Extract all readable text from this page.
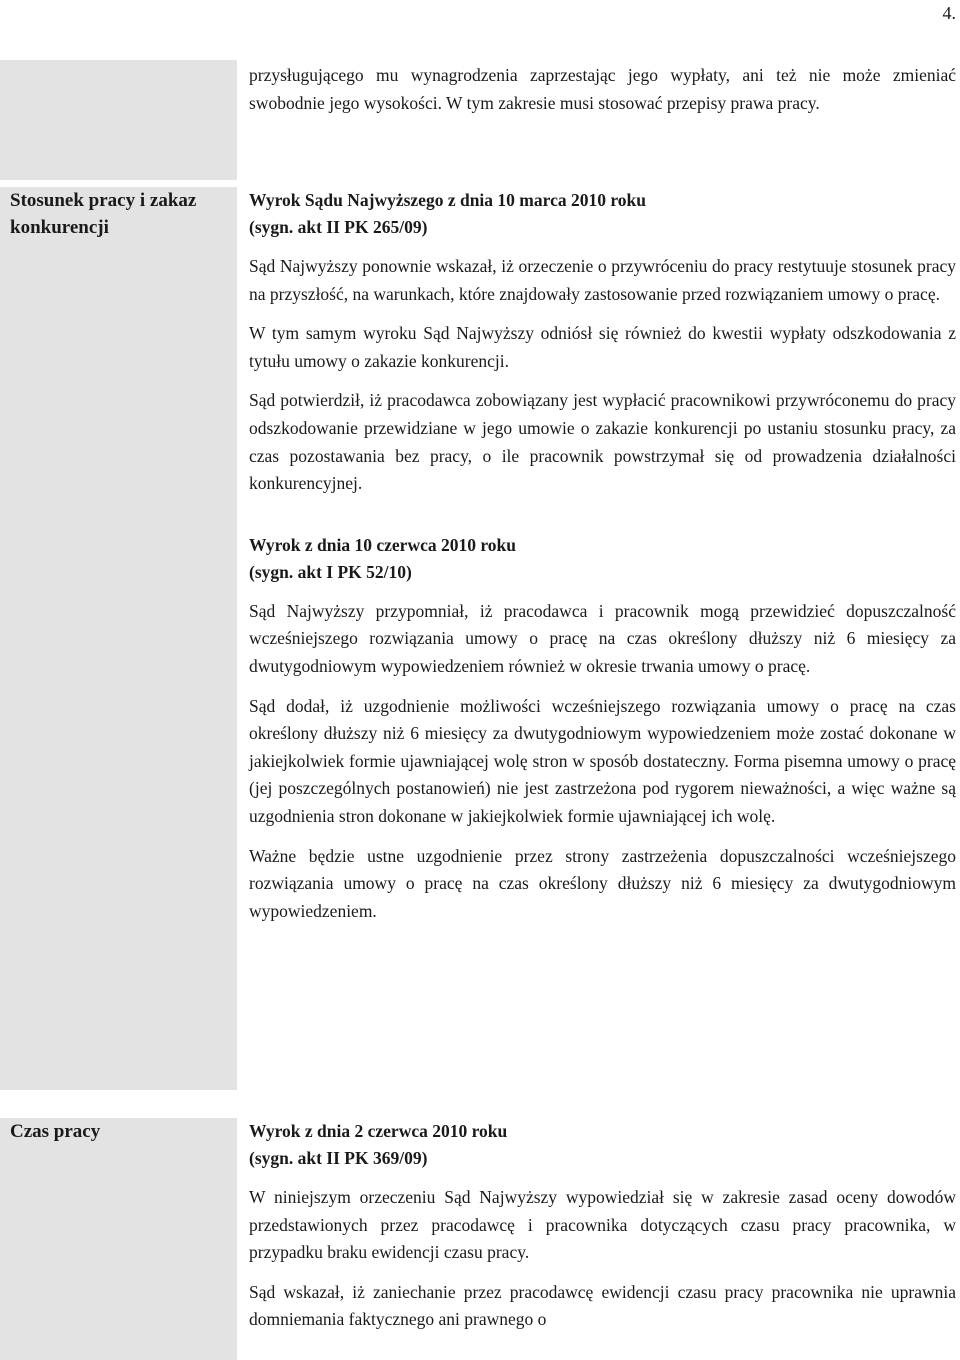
4.

przysługującego mu wynagrodzenia zaprzestając jego wypłaty, ani też nie może zmieniać swobodnie jego wysokości. W tym zakresie musi stosować przepisy prawa pracy.

Stosunek pracy i zakaz konkurencji
Wyrok Sądu Najwyższego z dnia 10 marca 2010 roku
(sygn. akt II PK 265/09)

Sąd Najwyższy ponownie wskazał, iż orzeczenie o przywróceniu do pracy restytuuje stosunek pracy na przyszłość, na warunkach, które znajdowały zastosowanie przed rozwiązaniem umowy o pracę.

W tym samym wyroku Sąd Najwyższy odniósł się również do kwestii wypłaty odszkodowania z tytułu umowy o zakazie konkurencji.

Sąd potwierdził, iż pracodawca zobowiązany jest wypłacić pracownikowi przywróconemu do pracy odszkodowanie przewidziane w jego umowie o zakazie konkurencji po ustaniu stosunku pracy, za czas pozostawania bez pracy, o ile pracownik powstrzymał się od prowadzenia działalności konkurencyjnej.

Wyrok z dnia 10 czerwca 2010 roku
(sygn. akt I PK 52/10)

Sąd Najwyższy przypomniał, iż pracodawca i pracownik mogą przewidzieć dopuszczalność wcześniejszego rozwiązania umowy o pracę na czas określony dłuższy niż 6 miesięcy za dwutygodniowym wypowiedzeniem również w okresie trwania umowy o pracę.

Sąd dodał, iż uzgodnienie możliwości wcześniejszego rozwiązania umowy o pracę na czas określony dłuższy niż 6 miesięcy za dwutygodniowym wypowiedzeniem może zostać dokonane w jakiejkolwiek formie ujawniającej wolę stron w sposób dostateczny. Forma pisemna umowy o pracę (jej poszczególnych postanowień) nie jest zastrzeżona pod rygorem nieważności, a więc ważne są uzgodnienia stron dokonane w jakiejkolwiek formie ujawniającej ich wolę.

Ważne będzie ustne uzgodnienie przez strony zastrzeżenia dopuszczalności wcześniejszego rozwiązania umowy o pracę na czas określony dłuższy niż 6 miesięcy za dwutygodniowym wypowiedzeniem.

Czas pracy	Wyrok z dnia 2 czerwca 2010 roku
(sygn. akt II PK 369/09)

W niniejszym orzeczeniu Sąd Najwyższy wypowiedział się w zakresie zasad oceny dowodów przedstawionych przez pracodawcę i pracownika dotyczących czasu pracy pracownika, w przypadku braku ewidencji czasu pracy.

Sąd wskazał, iż zaniechanie przez pracodawcę ewidencji czasu pracy pracownika nie uprawnia domniemania faktycznego ani prawnego o
